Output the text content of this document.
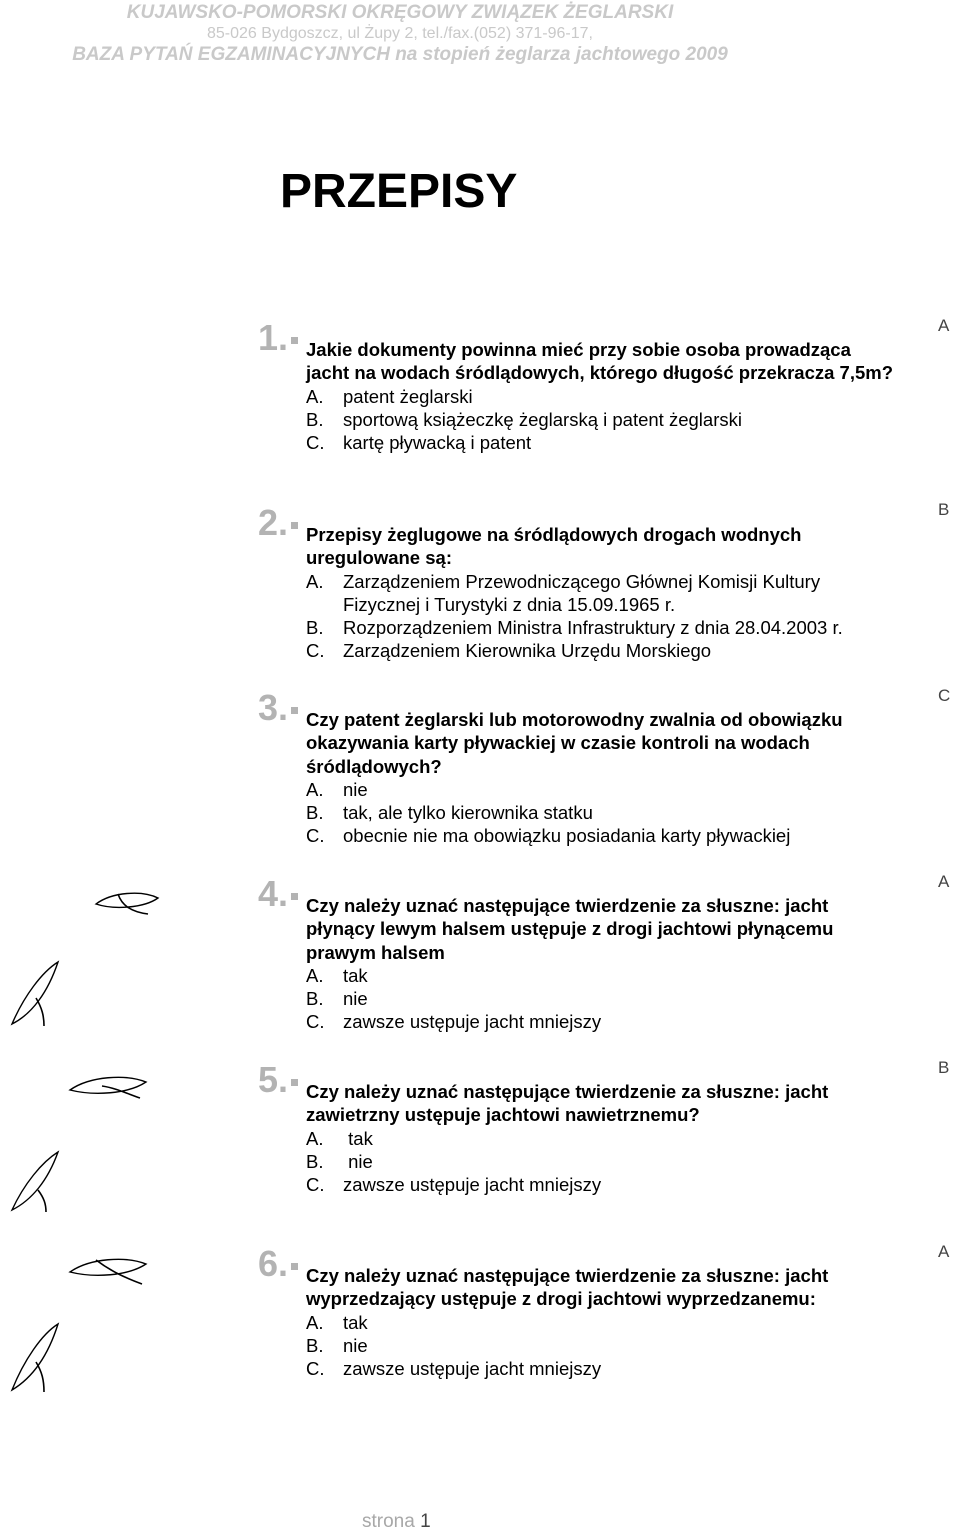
KUJAWSKO-POMORSKI OKRĘGOWY ZWIĄZEK ŻEGLARSKI
85-026 Bydgoszcz, ul Żupy 2, tel./fax.(052) 371-96-17,
BAZA PYTAŃ EGZAMINACYJNYCH na stopień żeglarza jachtowego 2009
PRZEPISY
1. Jakie dokumenty powinna mieć przy sobie osoba prowadząca jacht na wodach śródlądowych, którego długość przekracza 7,5m?
A.	patent żeglarski
B.	sportową książeczkę żeglarską i patent żeglarski
C.	kartę pływacką i patent
A
2. Przepisy żeglugowe na śródlądowych drogach wodnych uregulowane są:
A.	Zarządzeniem Przewodniczącego Głównej Komisji Kultury Fizycznej i Turystyki z dnia 15.09.1965 r.
B.	Rozporządzeniem Ministra Infrastruktury z dnia 28.04.2003 r.
C.	Zarządzeniem Kierownika Urzędu Morskiego
B
3. Czy patent żeglarski lub motorowodny zwalnia od obowiązku okazywania karty pływackiej w czasie kontroli na wodach śródlądowych?
A.	nie
B.	tak, ale tylko kierownika statku
C.	obecnie nie ma obowiązku posiadania karty pływackiej
C
4. Czy należy uznać następujące twierdzenie za słuszne: jacht płynący lewym halsem ustępuje z drogi jachtowi płynącemu prawym halsem
A.	tak
B.	nie
C.	zawsze ustępuje jacht mniejszy
A
5. Czy należy uznać następujące twierdzenie za słuszne: jacht zawietrzny ustępuje jachtowi nawietrznemu?
A.	tak
B.	nie
C.	zawsze ustępuje jacht mniejszy
B
6. Czy należy uznać następujące twierdzenie za słuszne: jacht wyprzedzający ustępuje z drogi jachtowi wyprzedzanemu:
A.	tak
B.	nie
C.	zawsze ustępuje jacht mniejszy
A
strona 1
